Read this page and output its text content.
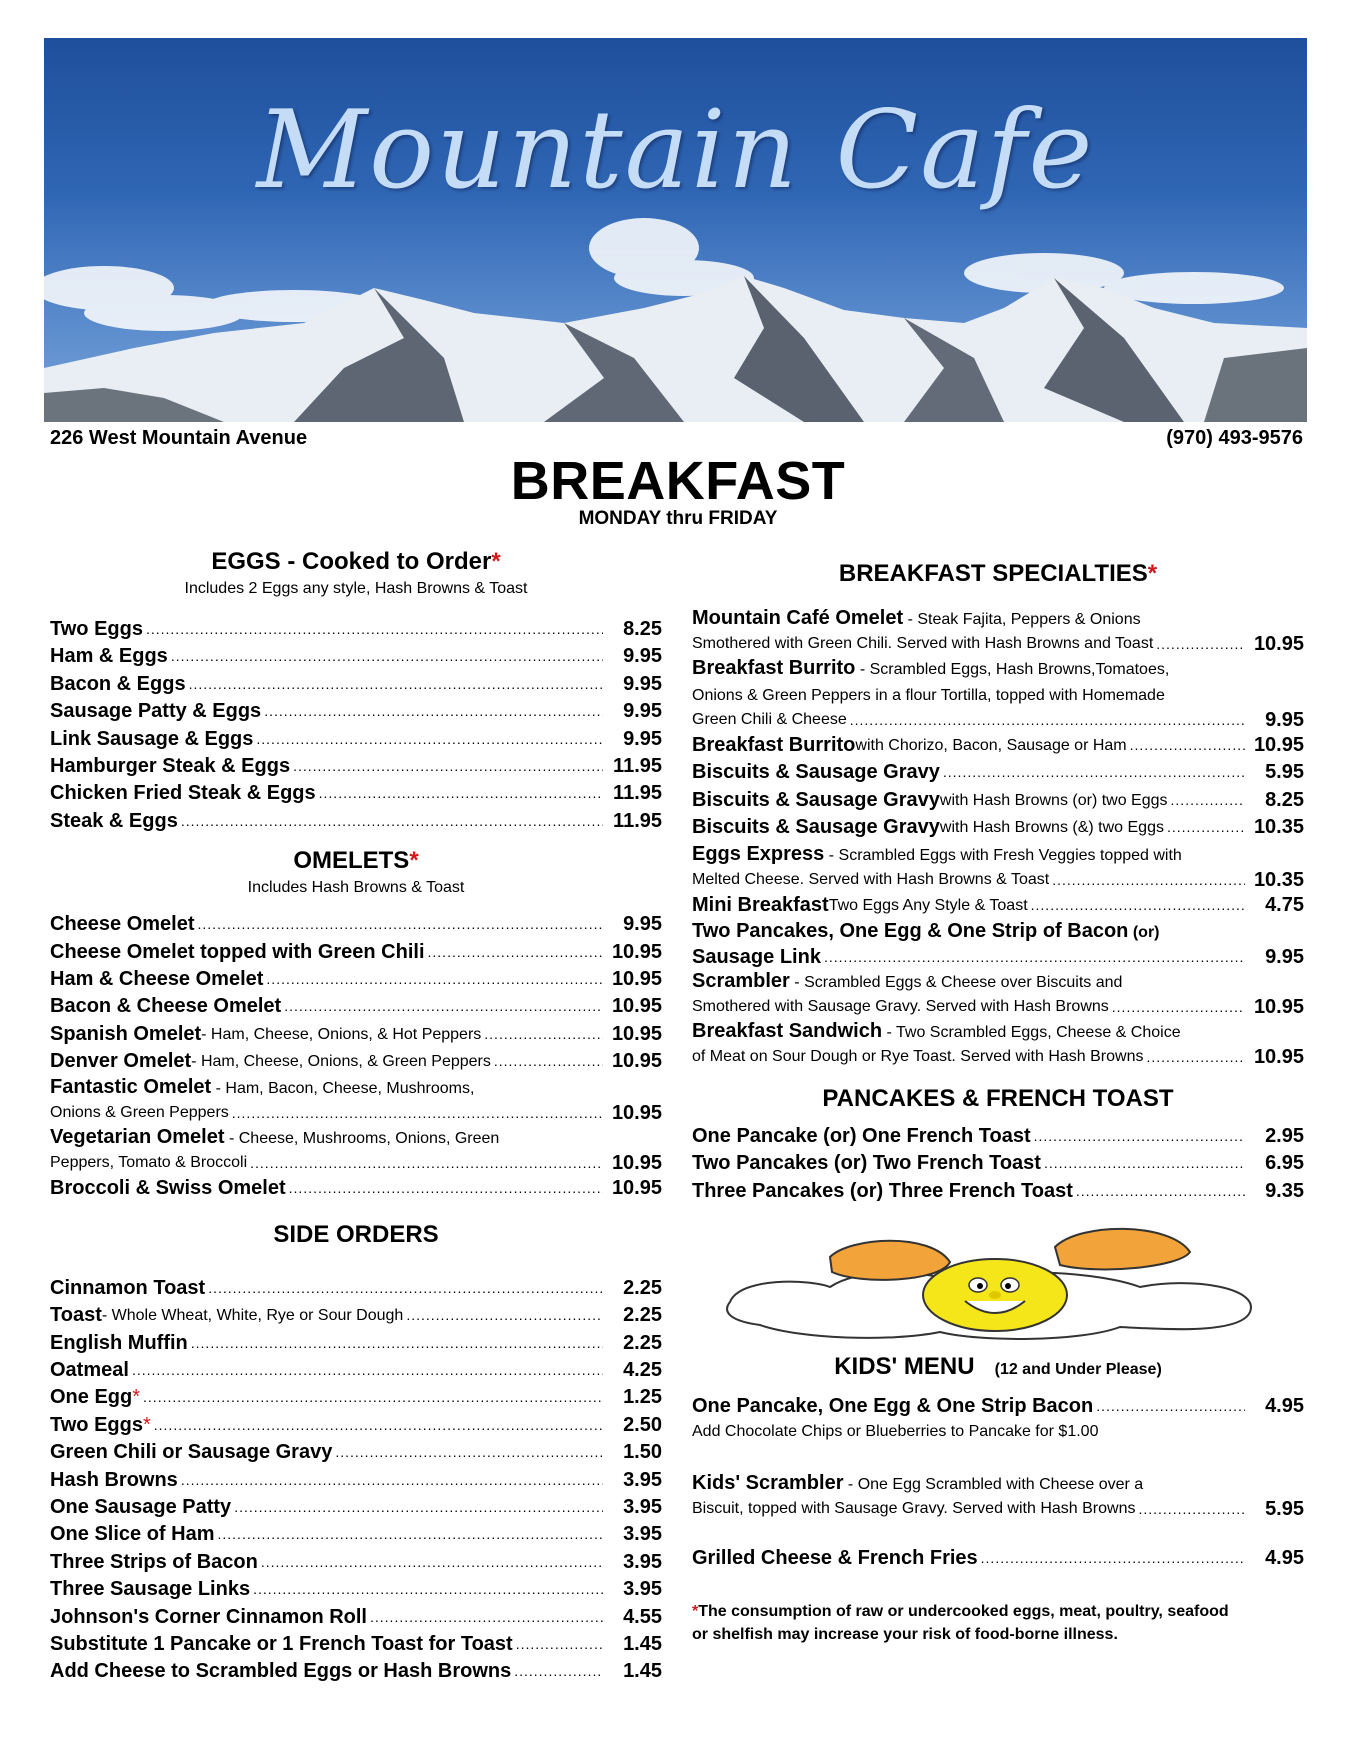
Mountain Cafe
226 West Mountain Avenue	(970) 493-9576
BREAKFAST
MONDAY thru FRIDAY
EGGS - Cooked to Order*
Includes 2 Eggs any style, Hash Browns & Toast
Two Eggs .....	8.25
Ham & Eggs .....	9.95
Bacon & Eggs .....	9.95
Sausage Patty & Eggs .....	9.95
Link Sausage & Eggs .....	9.95
Hamburger Steak & Eggs .....	11.95
Chicken Fried Steak & Eggs .....	11.95
Steak & Eggs .....	11.95
OMELETS*
Includes Hash Browns & Toast
Cheese Omelet .....	9.95
Cheese Omelet topped with Green Chili .....	10.95
Ham & Cheese Omelet .....	10.95
Bacon & Cheese Omelet .....	10.95
Spanish Omelet - Ham, Cheese, Onions, & Hot Peppers .....	10.95
Denver Omelet - Ham, Cheese, Onions, & Green Peppers .....	10.95
Fantastic Omelet - Ham, Bacon, Cheese, Mushrooms,
Onions & Green Peppers .....	10.95
Vegetarian Omelet - Cheese, Mushrooms, Onions, Green
Peppers, Tomato & Broccoli .....	10.95
Broccoli & Swiss Omelet .....	10.95
SIDE ORDERS
Cinnamon Toast .....	2.25
Toast - Whole Wheat, White, Rye or Sour Dough .....	2.25
English Muffin .....	2.25
Oatmeal .....	4.25
One Egg * .....	1.25
Two Eggs * .....	2.50
Green Chili or Sausage Gravy .....	1.50
Hash Browns .....	3.95
One Sausage Patty .....	3.95
One Slice of Ham .....	3.95
Three Strips of Bacon .....	3.95
Three Sausage Links .....	3.95
Johnson's Corner Cinnamon Roll .....	4.55
Substitute 1 Pancake or 1 French Toast for Toast .....	1.45
Add Cheese to Scrambled Eggs or Hash Browns .....	1.45
BREAKFAST SPECIALTIES*
Mountain Café Omelet - Steak Fajita, Peppers & Onions
Smothered with Green Chili. Served with Hash Browns and Toast .....	10.95
Breakfast Burrito - Scrambled Eggs, Hash Browns,Tomatoes,
Onions & Green Peppers in a flour Tortilla, topped with Homemade
Green Chili & Cheese .....	9.95
Breakfast Burrito with Chorizo, Bacon, Sausage or Ham .....	10.95
Biscuits & Sausage Gravy .....	5.95
Biscuits & Sausage Gravy with Hash Browns (or) two Eggs .....	8.25
Biscuits & Sausage Gravy with Hash Browns (&) two Eggs .....	10.35
Eggs Express - Scrambled Eggs with Fresh Veggies topped with
Melted Cheese. Served with Hash Browns & Toast .....	10.35
Mini Breakfast Two Eggs Any Style & Toast .....	4.75
Two Pancakes, One Egg & One Strip of Bacon (or)
Sausage Link .....	9.95
Scrambler - Scrambled Eggs & Cheese over Biscuits and
Smothered with Sausage Gravy. Served with Hash Browns .....	10.95
Breakfast Sandwich - Two Scrambled Eggs, Cheese & Choice
of Meat on Sour Dough or Rye Toast. Served with Hash Browns .....	10.95
PANCAKES & FRENCH TOAST
One Pancake (or) One French Toast .....	2.95
Two Pancakes (or) Two French Toast .....	6.95
Three Pancakes (or) Three French Toast .....	9.35
KIDS' MENU (12 and Under Please)
One Pancake, One Egg & One Strip Bacon .....	4.95
Add Chocolate Chips or Blueberries to Pancake for $1.00
Kids' Scrambler - One Egg Scrambled with Cheese over a
Biscuit, topped with Sausage Gravy. Served with Hash Browns .....	5.95
Grilled Cheese & French Fries .....	4.95
*The consumption of raw or undercooked eggs, meat, poultry, seafood
or shelfish may increase your risk of food-borne illness.
